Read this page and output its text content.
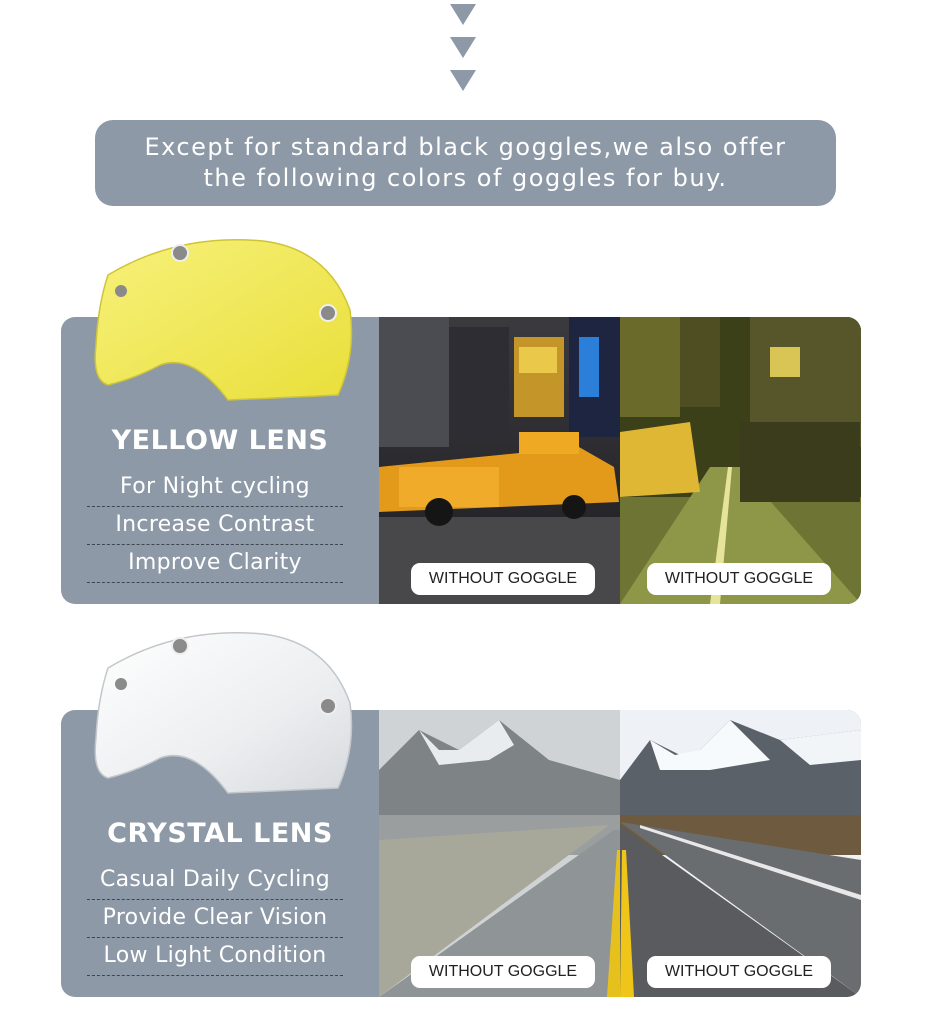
Except for standard black goggles,we also offer
the following colors of goggles for buy.
YELLOW LENS
For Night cycling
Increase Contrast
Improve Clarity
WITHOUT GOGGLE	WITHOUT GOGGLE
CRYSTAL LENS
Casual Daily Cycling
Provide Clear Vision
Low Light Condition
WITHOUT GOGGLE	WITHOUT GOGGLE
